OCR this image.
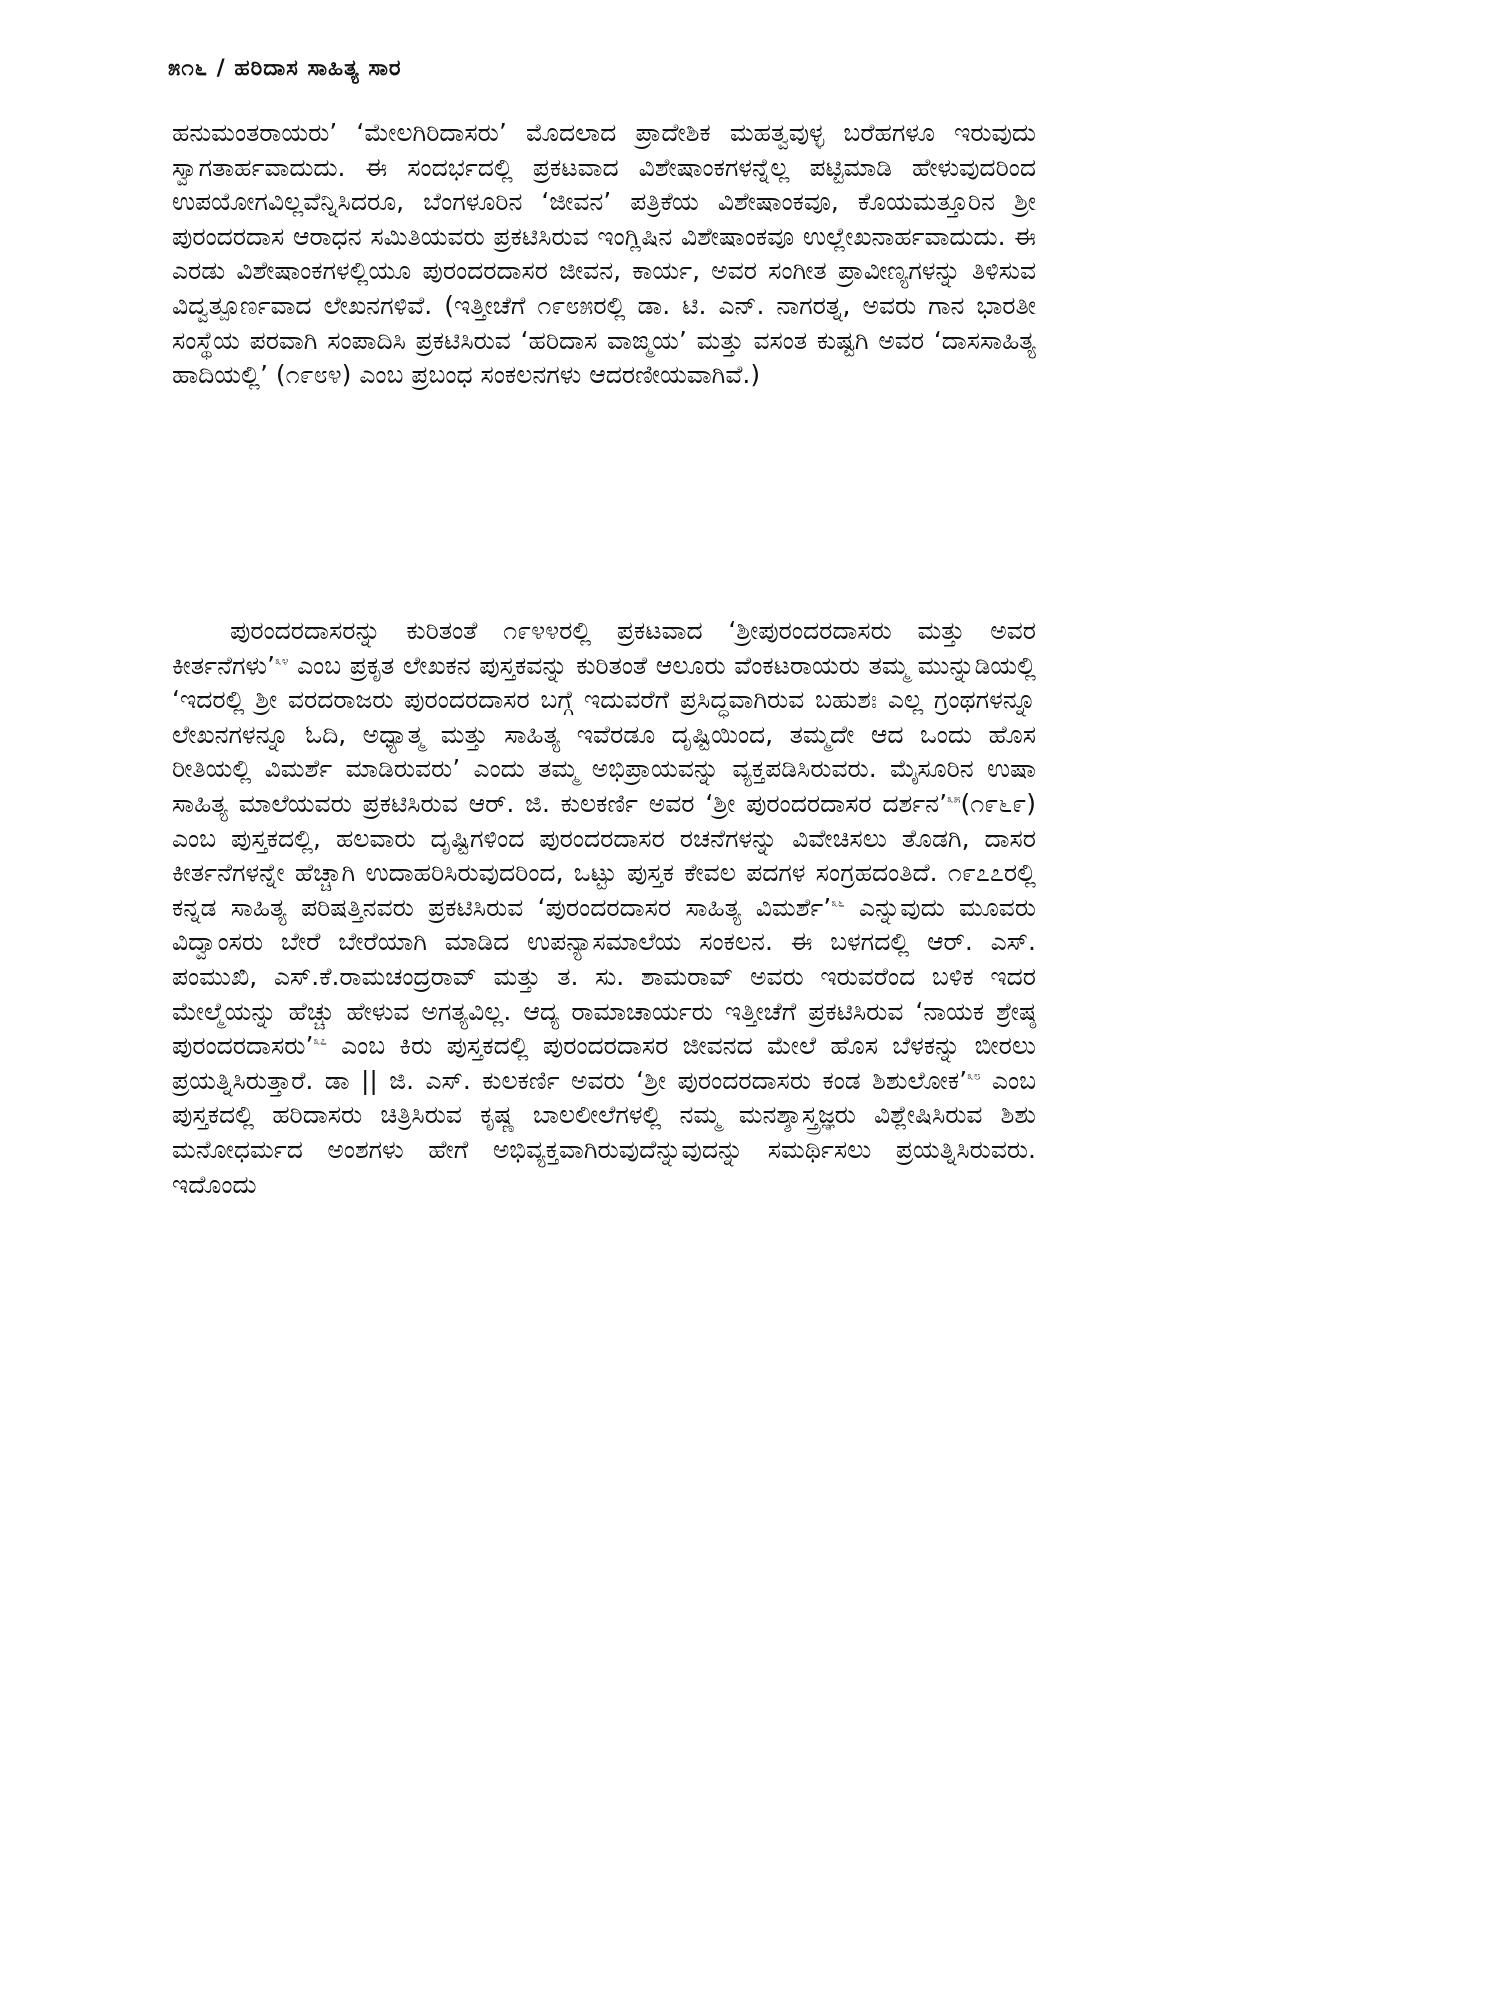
೫೧೬ / ಹರಿದಾಸ ಸಾಹಿತ್ಯ ಸಾರ

ಹನುಮಂತರಾಯರು’ ‘ಮೇಲಗಿರಿದಾಸರು’ ಮೊದಲಾದ ಪ್ರಾದೇಶಿಕ ಮಹತ್ವವುಳ್ಳ ಬರೆಹಗಳೂ ಇರುವುದು ಸ್ವಾಗತಾರ್ಹವಾದುದು. ಈ ಸಂದರ್ಭದಲ್ಲಿ ಪ್ರಕಟವಾದ ವಿಶೇಷಾಂಕಗಳನ್ನೆಲ್ಲ ಪಟ್ಟಿಮಾಡಿ ಹೇಳುವುದರಿಂದ ಉಪಯೋಗವಿಲ್ಲವೆನ್ನಿಸಿದರೂ, ಬೆಂಗಳೂರಿನ ‘ಜೀವನ’ ಪತ್ರಿಕೆಯ ವಿಶೇಷಾಂಕವೂ, ಕೊಯಮತ್ತೂರಿನ ಶ್ರೀ ಪುರಂದರದಾಸ ಆರಾಧನ ಸಮಿತಿಯವರು ಪ್ರಕಟಿಸಿರುವ ಇಂಗ್ಲಿಷಿನ ವಿಶೇಷಾಂಕವೂ ಉಲ್ಲೇಖನಾರ್ಹವಾದುದು. ಈ ಎರಡು ವಿಶೇಷಾಂಕಗಳಲ್ಲಿಯೂ ಪುರಂದರದಾಸರ ಜೀವನ, ಕಾರ್ಯ, ಅವರ ಸಂಗೀತ ಪ್ರಾವೀಣ್ಯಗಳನ್ನು ತಿಳಿಸುವ ವಿದ್ವತ್ಪೂರ್ಣವಾದ ಲೇಖನಗಳಿವೆ. (ಇತ್ತೀಚೆಗೆ ೧೯೮೫ರಲ್ಲಿ ಡಾ. ಟಿ. ಎನ್. ನಾಗರತ್ನ, ಅವರು ಗಾನ ಭಾರತೀ ಸಂಸ್ಥೆಯ ಪರವಾಗಿ ಸಂಪಾದಿಸಿ ಪ್ರಕಟಿಸಿರುವ ‘ಹರಿದಾಸ ವಾಙ್ಮಯ’ ಮತ್ತು ವಸಂತ ಕುಷ್ಟಗಿ ಅವರ ‘ದಾಸಸಾಹಿತ್ಯ ಹಾದಿಯಲ್ಲಿ’ (೧೯೮೪) ಎಂಬ ಪ್ರಬಂಧ ಸಂಕಲನಗಳು ಆದರಣೀಯವಾಗಿವೆ.)

ಪುರಂದರದಾಸರನ್ನು ಕುರಿತಂತೆ ೧೯೪೪ರಲ್ಲಿ ಪ್ರಕಟವಾದ ‘ಶ್ರೀಪುರಂದರದಾಸರು ಮತ್ತು ಅವರ ಕೀರ್ತನೆಗಳು’$^{೩೪}$ ಎಂಬ ಪ್ರಕೃತ ಲೇಖಕನ ಪುಸ್ತಕವನ್ನು ಕುರಿತಂತೆ ಆಲೂರು ವೆಂಕಟರಾಯರು ತಮ್ಮ ಮುನ್ನುಡಿಯಲ್ಲಿ ‘ಇದರಲ್ಲಿ ಶ್ರೀ ವರದರಾಜರು ಪುರಂದರದಾಸರ ಬಗ್ಗೆ ಇದುವರೆಗೆ ಪ್ರಸಿದ್ಧವಾಗಿರುವ ಬಹುಶಃ ಎಲ್ಲ ಗ್ರಂಥಗಳನ್ನೂ ಲೇಖನಗಳನ್ನೂ ಓದಿ, ಅಧ್ಯಾತ್ಮ ಮತ್ತು ಸಾಹಿತ್ಯ ಇವೆರಡೂ ದೃಷ್ಟಿಯಿಂದ, ತಮ್ಮದೇ ಆದ ಒಂದು ಹೊಸ ರೀತಿಯಲ್ಲಿ ವಿಮರ್ಶೆ ಮಾಡಿರುವರು’ ಎಂದು ತಮ್ಮ ಅಭಿಪ್ರಾಯವನ್ನು ವ್ಯಕ್ತಪಡಿಸಿರುವರು. ಮೈಸೂರಿನ ಉಷಾ ಸಾಹಿತ್ಯ ಮಾಲೆಯವರು ಪ್ರಕಟಿಸಿರುವ ಆರ್. ಜಿ. ಕುಲಕರ್ಣಿ ಅವರ ‘ಶ್ರೀ ಪುರಂದರದಾಸರ ದರ್ಶನ’$^{೩೫}$(೧೯೬೯) ಎಂಬ ಪುಸ್ತಕದಲ್ಲಿ, ಹಲವಾರು ದೃಷ್ಟಿಗಳಿಂದ ಪುರಂದರದಾಸರ ರಚನೆಗಳನ್ನು ವಿವೇಚಿಸಲು ತೊಡಗಿ, ದಾಸರ ಕೀರ್ತನೆಗಳನ್ನೇ ಹೆಚ್ಚಾಗಿ ಉದಾಹರಿಸಿರುವುದರಿಂದ, ಒಟ್ಟು ಪುಸ್ತಕ ಕೇವಲ ಪದಗಳ ಸಂಗ್ರಹದಂತಿದೆ. ೧೯೭೭ರಲ್ಲಿ ಕನ್ನಡ ಸಾಹಿತ್ಯ ಪರಿಷತ್ತಿನವರು ಪ್ರಕಟಿಸಿರುವ ‘ಪುರಂದರದಾಸರ ಸಾಹಿತ್ಯ ವಿಮರ್ಶೆ’$^{೩೬}$ ಎನ್ನುವುದು ಮೂವರು ವಿದ್ವಾಂಸರು ಬೇರೆ ಬೇರೆಯಾಗಿ ಮಾಡಿದ ಉಪನ್ಯಾಸಮಾಲೆಯ ಸಂಕಲನ. ಈ ಬಳಗದಲ್ಲಿ ಆರ್. ಎಸ್. ಪಂಮುಖಿ, ಎಸ್.ಕೆ.ರಾಮಚಂದ್ರರಾವ್ ಮತ್ತು ತ. ಸು. ಶಾಮರಾವ್ ಅವರು ಇರುವರೆಂದ ಬಳಿಕ ಇದರ ಮೇಲ್ಮೆಯನ್ನು ಹೆಚ್ಚು ಹೇಳುವ ಅಗತ್ಯವಿಲ್ಲ. ಆದ್ಯ ರಾಮಾಚಾರ್ಯರು ಇತ್ತೀಚೆಗೆ ಪ್ರಕಟಿಸಿರುವ ‘ನಾಯಕ ಶ್ರೇಷ್ಠ ಪುರಂದರದಾಸರು’$^{೩೭}$ ಎಂಬ ಕಿರು ಪುಸ್ತಕದಲ್ಲಿ ಪುರಂದರದಾಸರ ಜೀವನದ ಮೇಲೆ ಹೊಸ ಬೆಳಕನ್ನು ಬೀರಲು ಪ್ರಯತ್ನಿಸಿರುತ್ತಾರೆ. ಡಾ || ಜಿ. ಎಸ್. ಕುಲಕರ್ಣಿ ಅವರು ‘ಶ್ರೀ ಪುರಂದರದಾಸರು ಕಂಡ ಶಿಶುಲೋಕ’$^{೩೮}$ ಎಂಬ ಪುಸ್ತಕದಲ್ಲಿ ಹರಿದಾಸರು ಚಿತ್ರಿಸಿರುವ ಕೃಷ್ಣ ಬಾಲಲೀಲೆಗಳಲ್ಲಿ ನಮ್ಮ ಮನಶ್ಶಾಸ್ತ್ರಜ್ಞರು ವಿಶ್ಲೇಷಿಸಿರುವ ಶಿಶು ಮನೋಧರ್ಮದ ಅಂಶಗಳು ಹೇಗೆ ಅಭಿವ್ಯಕ್ತವಾಗಿರುವುದೆನ್ನುವುದನ್ನು ಸಮರ್ಥಿಸಲು ಪ್ರಯತ್ನಿಸಿರುವರು. ಇದೊಂದು
